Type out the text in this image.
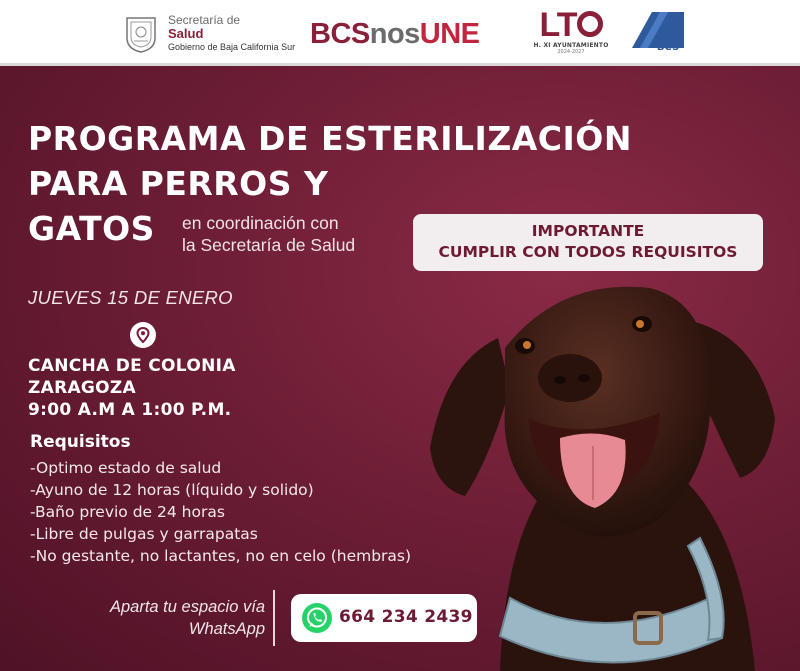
Secretaría de
Salud
Gobierno de Baja California Sur BCSnosUNE LT
H. XI AYUNTAMIENTO
2024-2027	BCS
PROGRAMA DE ESTERILIZACIÓN
PARA PERROS Y
GATOS	en coordinación con
la Secretaría de Salud
IMPORTANTE
CUMPLIR CON TODOS REQUISITOS
JUEVES 15 DE ENERO
CANCHA DE COLONIA
ZARAGOZA
9:00 A.M A 1:00 P.M.
Requisitos
-Optimo estado de salud
-Ayuno de 12 horas (líquido y solido)
-Baño previo de 24 horas
-Libre de pulgas y garrapatas
-No gestante, no lactantes, no en celo (hembras)
Aparta tu espacio vía
WhatsApp
664 234 2439
